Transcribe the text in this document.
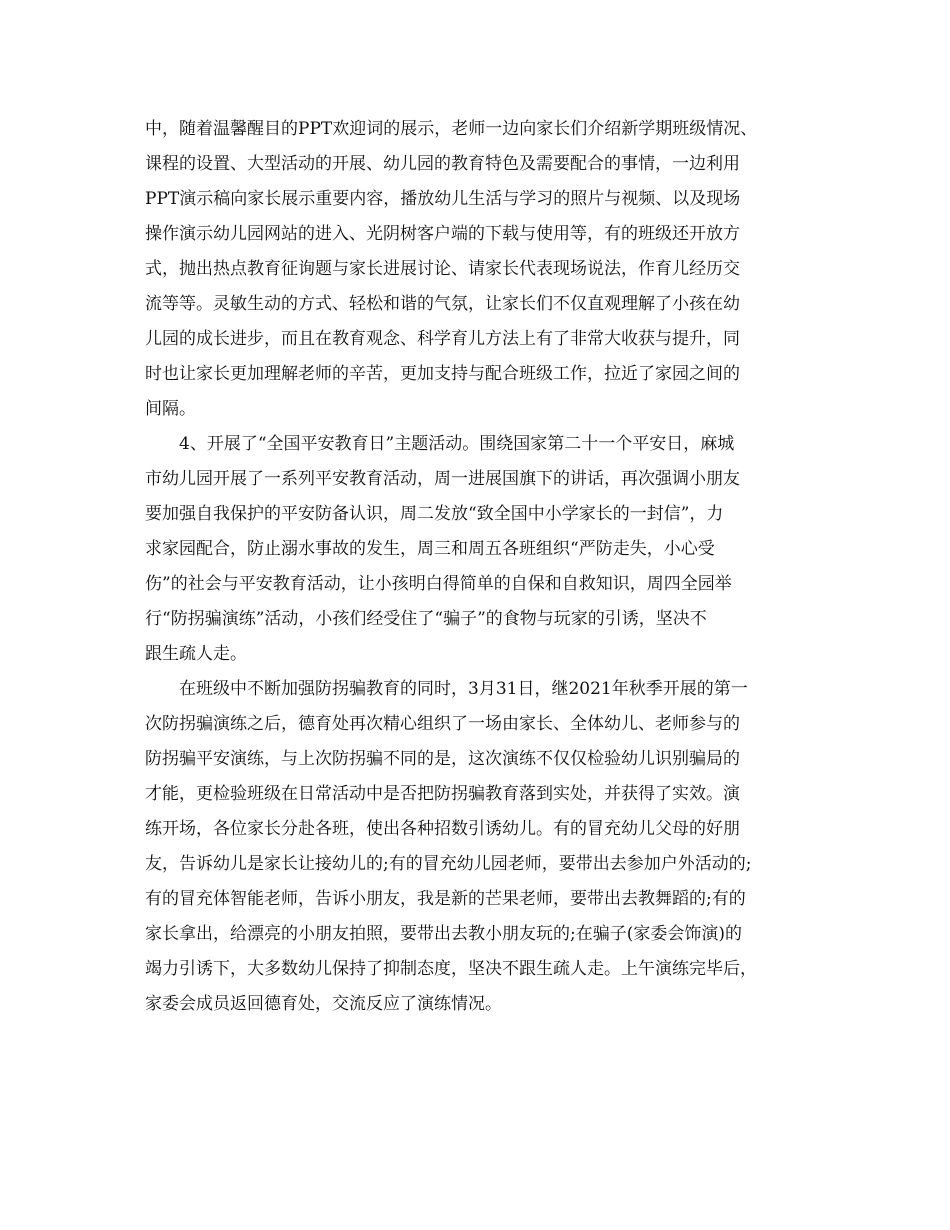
中，随着温馨醒目的PPT欢迎词的展示，老师一边向家长们介绍新学期班级情况、
课程的设置、大型活动的开展、幼儿园的教育特色及需要配合的事情，一边利用
PPT演示稿向家长展示重要内容，播放幼儿生活与学习的照片与视频、以及现场
操作演示幼儿园网站的进入、光阴树客户端的下载与使用等，有的班级还开放方
式，抛出热点教育征询题与家长进展讨论、请家长代表现场说法，作育儿经历交
流等等。灵敏生动的方式、轻松和谐的气氛，让家长们不仅直观理解了小孩在幼
儿园的成长进步，而且在教育观念、科学育儿方法上有了非常大收获与提升，同
时也让家长更加理解老师的辛苦，更加支持与配合班级工作，拉近了家园之间的
间隔。
4、开展了“全国平安教育日”主题活动。围绕国家第二十一个平安日，麻城
市幼儿园开展了一系列平安教育活动，周一进展国旗下的讲话，再次强调小朋友
要加强自我保护的平安防备认识，周二发放“致全国中小学家长的一封信”，力
求家园配合，防止溺水事故的发生，周三和周五各班组织“严防走失，小心受
伤”的社会与平安教育活动，让小孩明白得简单的自保和自救知识，周四全园举
行“防拐骗演练”活动，小孩们经受住了“骗子”的食物与玩家的引诱，坚决不
跟生疏人走。
在班级中不断加强防拐骗教育的同时，3月31日，继2021年秋季开展的第一
次防拐骗演练之后，德育处再次精心组织了一场由家长、全体幼儿、老师参与的
防拐骗平安演练，与上次防拐骗不同的是，这次演练不仅仅检验幼儿识别骗局的
才能，更检验班级在日常活动中是否把防拐骗教育落到实处，并获得了实效。演
练开场，各位家长分赴各班，使出各种招数引诱幼儿。有的冒充幼儿父母的好朋
友，告诉幼儿是家长让接幼儿的;有的冒充幼儿园老师，要带出去参加户外活动的;
有的冒充体智能老师，告诉小朋友，我是新的芒果老师，要带出去教舞蹈的;有的
家长拿出，给漂亮的小朋友拍照，要带出去教小朋友玩的;在骗子(家委会饰演)的
竭力引诱下，大多数幼儿保持了抑制态度，坚决不跟生疏人走。上午演练完毕后，
家委会成员返回德育处，交流反应了演练情况。
